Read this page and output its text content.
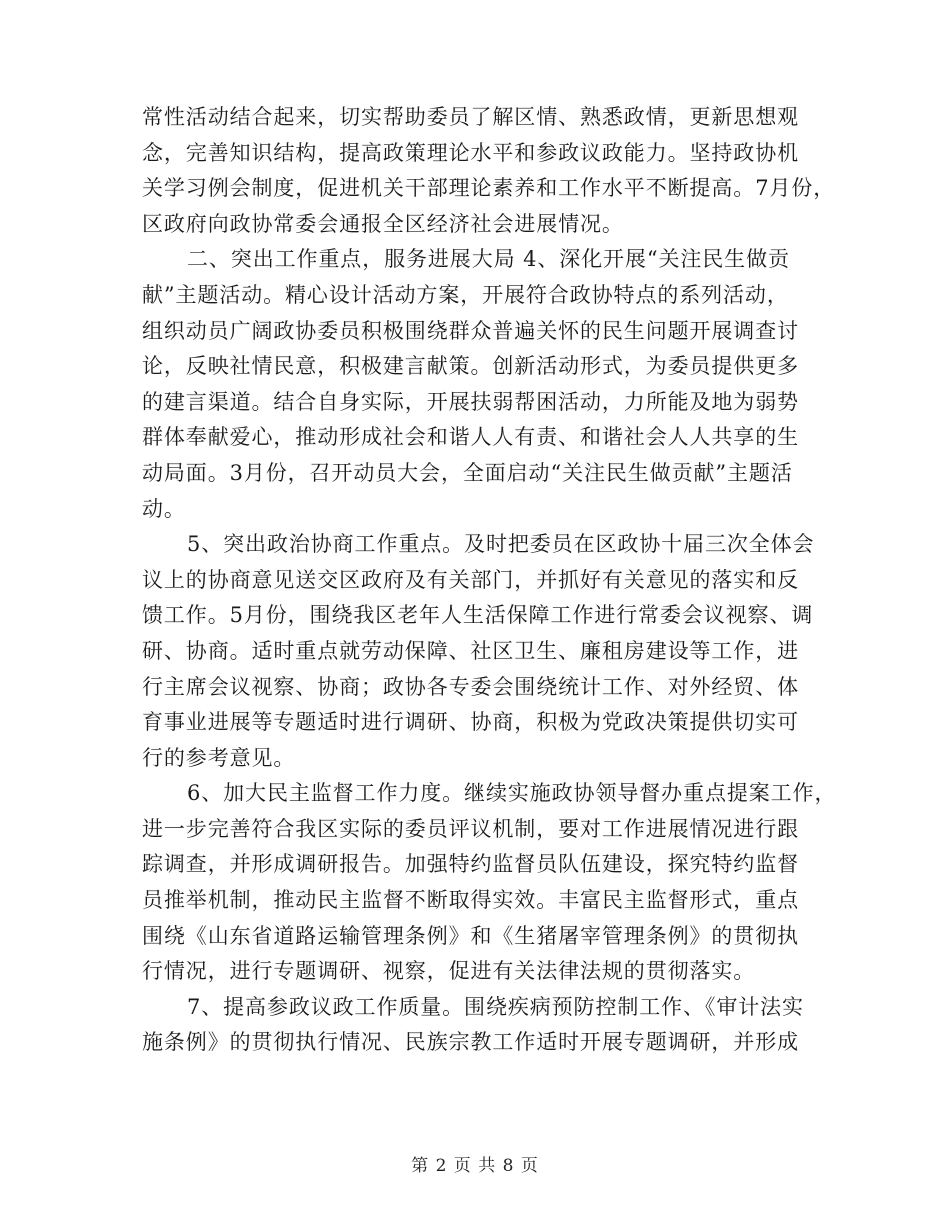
常性活动结合起来，切实帮助委员了解区情、熟悉政情，更新思想观
念，完善知识结构，提高政策理论水平和参政议政能力。坚持政协机
关学习例会制度，促进机关干部理论素养和工作水平不断提高。7月份，
区政府向政协常委会通报全区经济社会进展情况。
二、突出工作重点，服务进展大局 4、深化开展“关注民生做贡
献”主题活动。精心设计活动方案，开展符合政协特点的系列活动，
组织动员广阔政协委员积极围绕群众普遍关怀的民生问题开展调查讨
论，反映社情民意，积极建言献策。创新活动形式，为委员提供更多
的建言渠道。结合自身实际，开展扶弱帮困活动，力所能及地为弱势
群体奉献爱心，推动形成社会和谐人人有责、和谐社会人人共享的生
动局面。3月份，召开动员大会，全面启动“关注民生做贡献”主题活
动。
5、突出政治协商工作重点。及时把委员在区政协十届三次全体会
议上的协商意见送交区政府及有关部门，并抓好有关意见的落实和反
馈工作。5月份，围绕我区老年人生活保障工作进行常委会议视察、调
研、协商。适时重点就劳动保障、社区卫生、廉租房建设等工作，进
行主席会议视察、协商；政协各专委会围绕统计工作、对外经贸、体
育事业进展等专题适时进行调研、协商，积极为党政决策提供切实可
行的参考意见。
6、加大民主监督工作力度。继续实施政协领导督办重点提案工作，
进一步完善符合我区实际的委员评议机制，要对工作进展情况进行跟
踪调查，并形成调研报告。加强特约监督员队伍建设，探究特约监督
员推举机制，推动民主监督不断取得实效。丰富民主监督形式，重点
围绕《山东省道路运输管理条例》和《生猪屠宰管理条例》的贯彻执
行情况，进行专题调研、视察，促进有关法律法规的贯彻落实。
7、提高参政议政工作质量。围绕疾病预防控制工作、《审计法实
施条例》的贯彻执行情况、民族宗教工作适时开展专题调研，并形成
第 2 页 共 8 页
